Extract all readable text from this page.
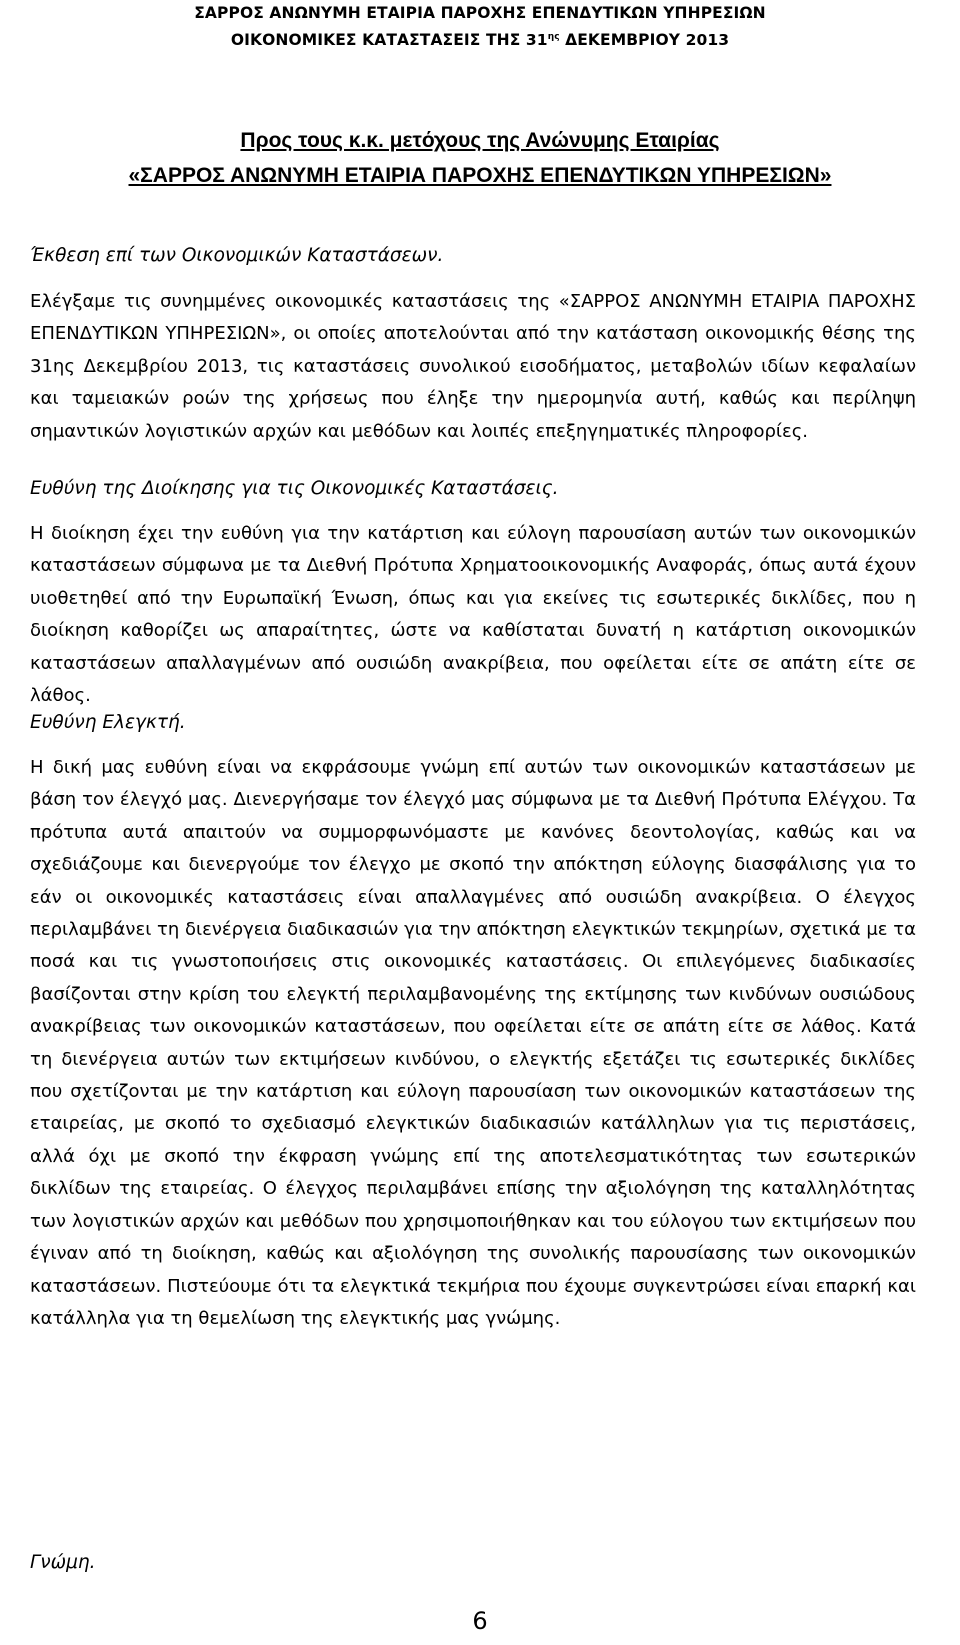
ΣΑΡΡΟΣ ΑΝΩΝΥΜΗ ΕΤΑΙΡΙΑ ΠΑΡΟΧΗΣ ΕΠΕΝΔΥΤΙΚΩΝ ΥΠΗΡΕΣΙΩΝ
ΟΙΚΟΝΟΜΙΚΕΣ ΚΑΤΑΣΤΑΣΕΙΣ ΤΗΣ $31^{\eta\varsigma}$ ΔΕΚΕΜΒΡΙΟΥ 2013
Προς τους κ.κ. μετόχους της Ανώνυμης Εταιρίας
«ΣΑΡΡΟΣ ΑΝΩΝΥΜΗ ΕΤΑΙΡΙΑ ΠΑΡΟΧΗΣ ΕΠΕΝΔΥΤΙΚΩΝ ΥΠΗΡΕΣΙΩΝ»
Έκθεση επί των Οικονομικών Καταστάσεων.
Ελέγξαμε τις συνημμένες οικονομικές καταστάσεις της «ΣΑΡΡΟΣ ΑΝΩΝΥΜΗ ΕΤΑΙΡΙΑ ΠΑΡΟΧΗΣ ΕΠΕΝΔΥΤΙΚΩΝ ΥΠΗΡΕΣΙΩΝ», οι οποίες αποτελούνται από την κατάσταση οικονομικής θέσης της 31ης Δεκεμβρίου 2013, τις καταστάσεις συνολικού εισοδήματος, μεταβολών ιδίων κεφαλαίων και ταμειακών ροών της χρήσεως που έληξε την ημερομηνία αυτή, καθώς και περίληψη σημαντικών λογιστικών αρχών και μεθόδων και λοιπές επεξηγηματικές πληροφορίες.
Ευθύνη της Διοίκησης για τις Οικονομικές Καταστάσεις.
Η διοίκηση έχει την ευθύνη για την κατάρτιση και εύλογη παρουσίαση αυτών των οικονομικών καταστάσεων σύμφωνα με τα Διεθνή Πρότυπα Χρηματοοικονομικής Αναφοράς, όπως αυτά έχουν υιοθετηθεί από την Ευρωπαϊκή Ένωση, όπως και για εκείνες τις εσωτερικές δικλίδες, που η διοίκηση καθορίζει ως απαραίτητες, ώστε να καθίσταται δυνατή η κατάρτιση οικονομικών καταστάσεων απαλλαγμένων από ουσιώδη ανακρίβεια, που οφείλεται είτε σε απάτη είτε σε λάθος.
Ευθύνη Ελεγκτή.
Η δική μας ευθύνη είναι να εκφράσουμε γνώμη επί αυτών των οικονομικών καταστάσεων με βάση τον έλεγχό μας. Διενεργήσαμε τον έλεγχό μας σύμφωνα με τα Διεθνή Πρότυπα Ελέγχου. Τα πρότυπα αυτά απαιτούν να συμμορφωνόμαστε με κανόνες δεοντολογίας, καθώς και να σχεδιάζουμε και διενεργούμε τον έλεγχο με σκοπό την απόκτηση εύλογης διασφάλισης για το εάν οι οικονομικές καταστάσεις είναι απαλλαγμένες από ουσιώδη ανακρίβεια. Ο έλεγχος περιλαμβάνει τη διενέργεια διαδικασιών για την απόκτηση ελεγκτικών τεκμηρίων, σχετικά με τα ποσά και τις γνωστοποιήσεις στις οικονομικές καταστάσεις. Οι επιλεγόμενες διαδικασίες βασίζονται στην κρίση του ελεγκτή περιλαμβανομένης της εκτίμησης των κινδύνων ουσιώδους ανακρίβειας των οικονομικών καταστάσεων, που οφείλεται είτε σε απάτη είτε σε λάθος. Κατά τη διενέργεια αυτών των εκτιμήσεων κινδύνου, ο ελεγκτής εξετάζει τις εσωτερικές δικλίδες που σχετίζονται με την κατάρτιση και εύλογη παρουσίαση των οικονομικών καταστάσεων της εταιρείας, με σκοπό το σχεδιασμό ελεγκτικών διαδικασιών κατάλληλων για τις περιστάσεις, αλλά όχι με σκοπό την έκφραση γνώμης επί της αποτελεσματικότητας των εσωτερικών δικλίδων της εταιρείας. Ο έλεγχος περιλαμβάνει επίσης την αξιολόγηση της καταλληλότητας των λογιστικών αρχών και μεθόδων που χρησιμοποιήθηκαν και του εύλογου των εκτιμήσεων που έγιναν από τη διοίκηση, καθώς και αξιολόγηση της συνολικής παρουσίασης των οικονομικών καταστάσεων. Πιστεύουμε ότι τα ελεγκτικά τεκμήρια που έχουμε συγκεντρώσει είναι επαρκή και κατάλληλα για τη θεμελίωση της ελεγκτικής μας γνώμης.
Γνώμη.
6
